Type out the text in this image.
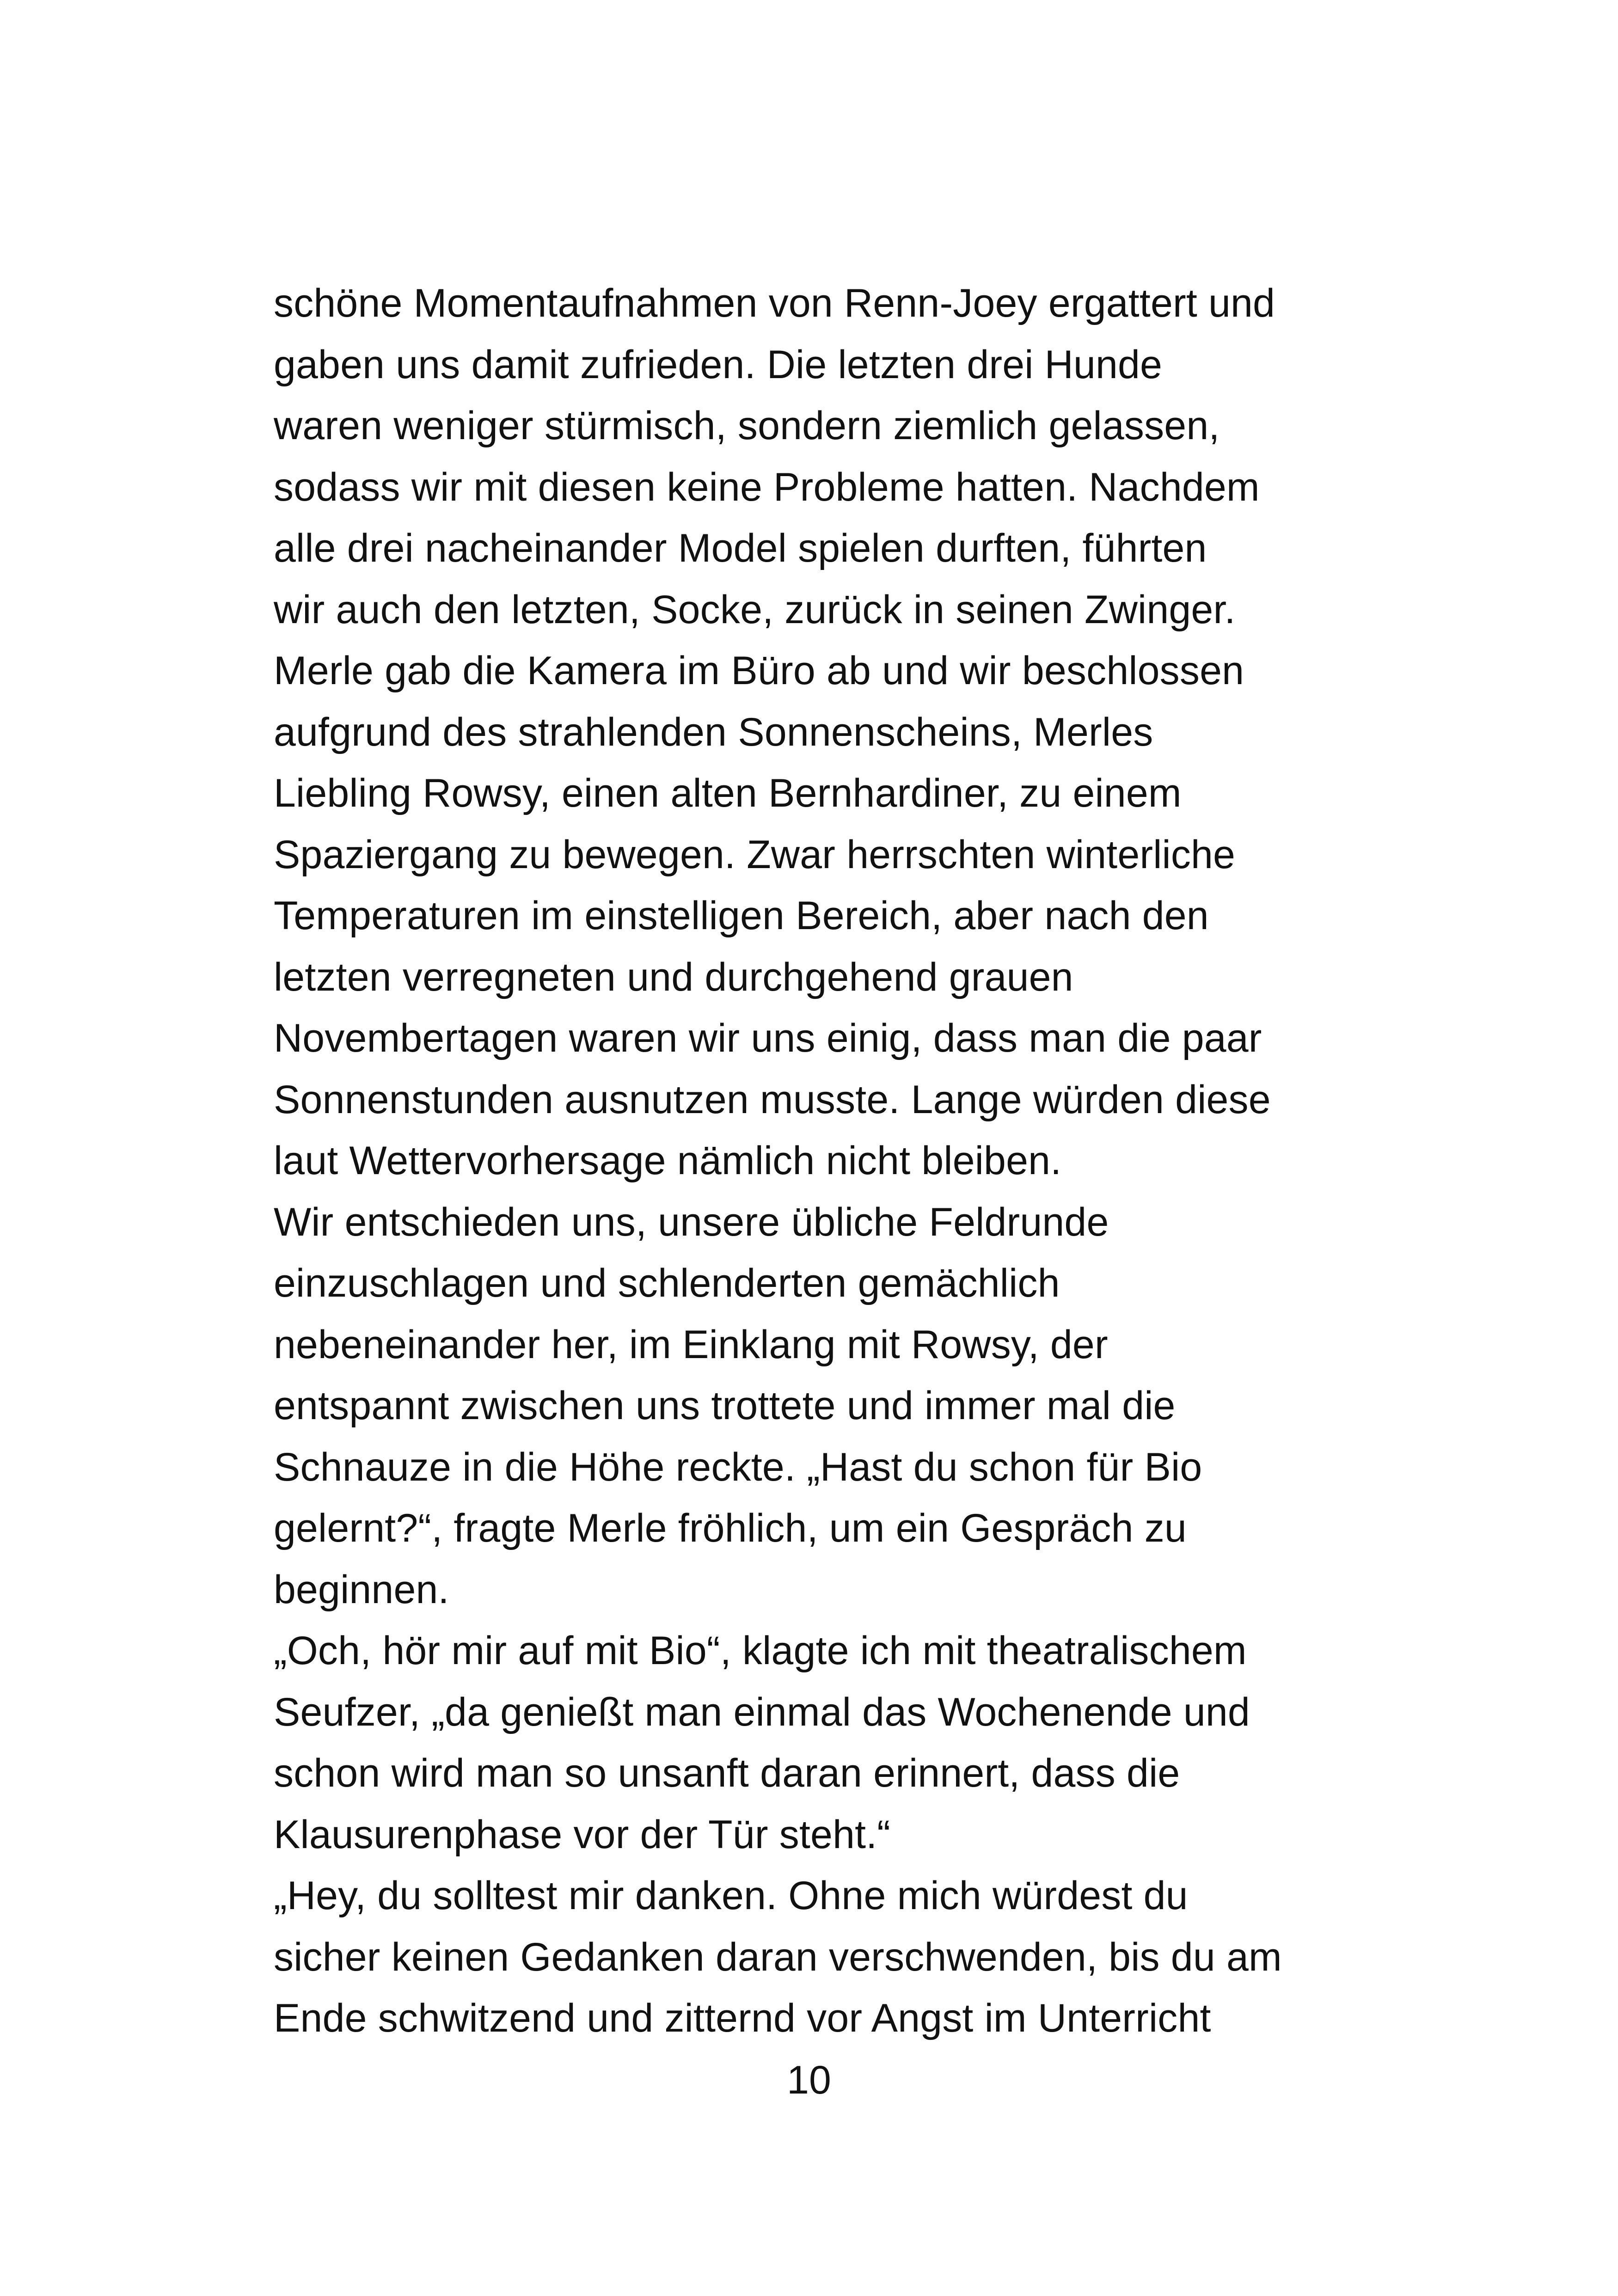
schöne Momentaufnahmen von Renn-Joey ergattert und
gaben uns damit zufrieden. Die letzten drei Hunde
waren weniger stürmisch, sondern ziemlich gelassen,
sodass wir mit diesen keine Probleme hatten. Nachdem
alle drei nacheinander Model spielen durften, führten
wir auch den letzten, Socke, zurück in seinen Zwinger.
Merle gab die Kamera im Büro ab und wir beschlossen
aufgrund des strahlenden Sonnenscheins, Merles
Liebling Rowsy, einen alten Bernhardiner, zu einem
Spaziergang zu bewegen. Zwar herrschten winterliche
Temperaturen im einstelligen Bereich, aber nach den
letzten verregneten und durchgehend grauen
Novembertagen waren wir uns einig, dass man die paar
Sonnenstunden ausnutzen musste. Lange würden diese
laut Wettervorhersage nämlich nicht bleiben.
Wir entschieden uns, unsere übliche Feldrunde
einzuschlagen und schlenderten gemächlich
nebeneinander her, im Einklang mit Rowsy, der
entspannt zwischen uns trottete und immer mal die
Schnauze in die Höhe reckte. „Hast du schon für Bio
gelernt?“, fragte Merle fröhlich, um ein Gespräch zu
beginnen.
„Och, hör mir auf mit Bio“, klagte ich mit theatralischem
Seufzer, „da genießt man einmal das Wochenende und
schon wird man so unsanft daran erinnert, dass die
Klausurenphase vor der Tür steht.“
„Hey, du solltest mir danken. Ohne mich würdest du
sicher keinen Gedanken daran verschwenden, bis du am
Ende schwitzend und zitternd vor Angst im Unterricht
10
